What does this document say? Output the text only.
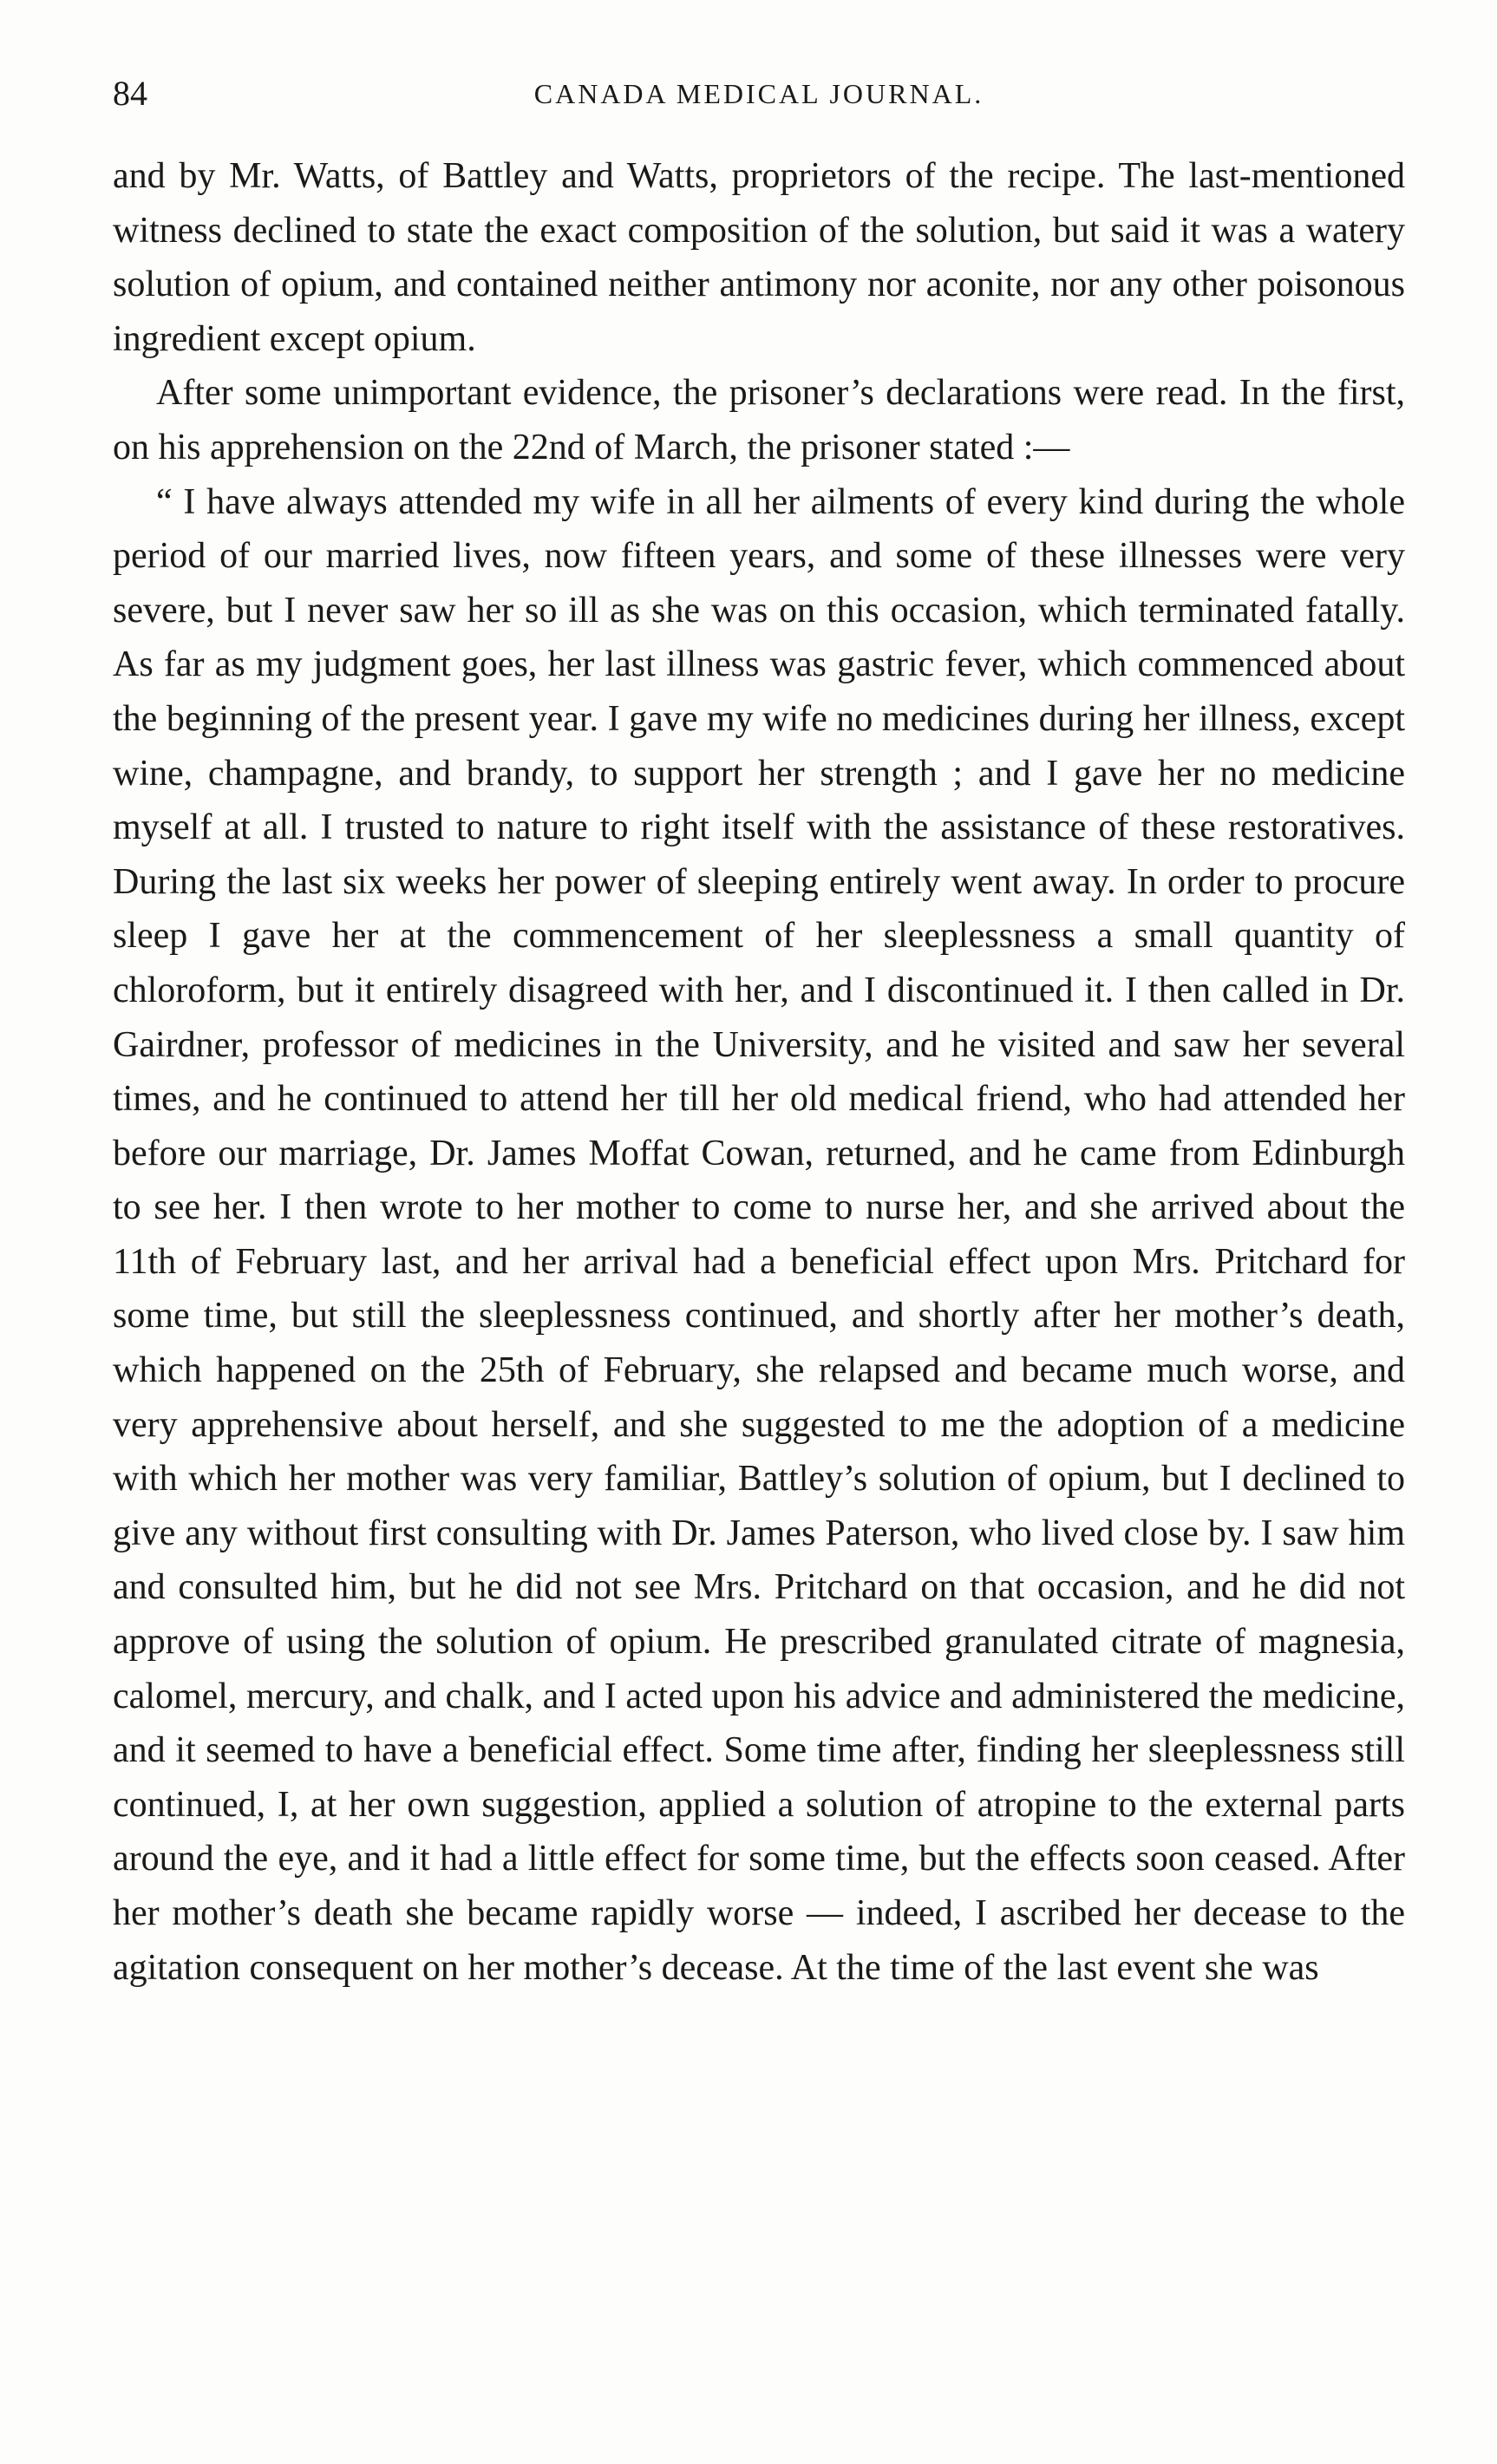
84	CANADA MEDICAL JOURNAL.

and by Mr. Watts, of Battley and Watts, proprietors of the recipe. The last-mentioned witness declined to state the exact composition of the solution, but said it was a watery solution of opium, and contained neither antimony nor aconite, nor any other poisonous ingredient except opium.

After some unimportant evidence, the prisoner’s declarations were read. In the first, on his apprehension on the 22nd of March, the prisoner stated :—

“ I have always attended my wife in all her ailments of every kind during the whole period of our married lives, now fifteen years, and some of these illnesses were very severe, but I never saw her so ill as she was on this occasion, which terminated fatally. As far as my judgment goes, her last illness was gastric fever, which commenced about the beginning of the present year. I gave my wife no medicines during her illness, except wine, champagne, and brandy, to support her strength ; and I gave her no medicine myself at all. I trusted to nature to right itself with the assistance of these restoratives. During the last six weeks her power of sleeping entirely went away. In order to procure sleep I gave her at the commencement of her sleeplessness a small quantity of chloroform, but it entirely disagreed with her, and I discontinued it. I then called in Dr. Gairdner, professor of medicines in the University, and he visited and saw her several times, and he continued to attend her till her old medical friend, who had attended her before our marriage, Dr. James Moffat Cowan, returned, and he came from Edinburgh to see her. I then wrote to her mother to come to nurse her, and she arrived about the 11th of February last, and her arrival had a beneficial effect upon Mrs. Pritchard for some time, but still the sleeplessness continued, and shortly after her mother’s death, which happened on the 25th of February, she relapsed and became much worse, and very apprehensive about herself, and she suggested to me the adoption of a medicine with which her mother was very familiar, Battley’s solution of opium, but I declined to give any without first consulting with Dr. James Paterson, who lived close by. I saw him and consulted him, but he did not see Mrs. Pritchard on that occasion, and he did not approve of using the solution of opium. He prescribed granulated citrate of magnesia, calomel, mercury, and chalk, and I acted upon his advice and administered the medicine, and it seemed to have a beneficial effect. Some time after, finding her sleeplessness still continued, I, at her own suggestion, applied a solution of atropine to the external parts around the eye, and it had a little effect for some time, but the effects soon ceased. After her mother’s death she became rapidly worse — indeed, I ascribed her decease to the agitation consequent on her mother’s decease. At the time of the last event she was
